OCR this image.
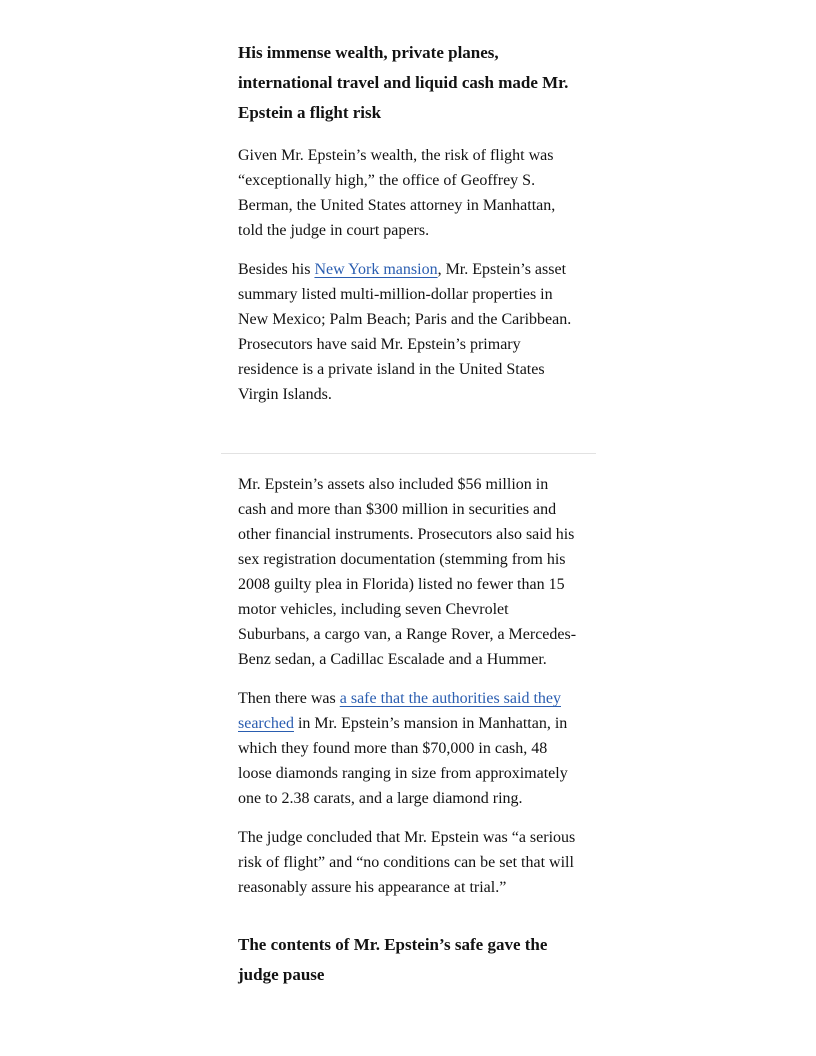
His immense wealth, private planes, international travel and liquid cash made Mr. Epstein a flight risk

Given Mr. Epstein’s wealth, the risk of flight was “exceptionally high,” the office of Geoffrey S. Berman, the United States attorney in Manhattan, told the judge in court papers.

Besides his New York mansion, Mr. Epstein’s asset summary listed multi-million-dollar properties in New Mexico; Palm Beach; Paris and the Caribbean. Prosecutors have said Mr. Epstein’s primary residence is a private island in the United States Virgin Islands.

Mr. Epstein’s assets also included $56 million in cash and more than $300 million in securities and other financial instruments. Prosecutors also said his sex registration documentation (stemming from his 2008 guilty plea in Florida) listed no fewer than 15 motor vehicles, including seven Chevrolet Suburbans, a cargo van, a Range Rover, a Mercedes-Benz sedan, a Cadillac Escalade and a Hummer.

Then there was a safe that the authorities said they searched in Mr. Epstein’s mansion in Manhattan, in which they found more than $70,000 in cash, 48 loose diamonds ranging in size from approximately one to 2.38 carats, and a large diamond ring.

The judge concluded that Mr. Epstein was “a serious risk of flight” and “no conditions can be set that will reasonably assure his appearance at trial.”

The contents of Mr. Epstein’s safe gave the judge pause
